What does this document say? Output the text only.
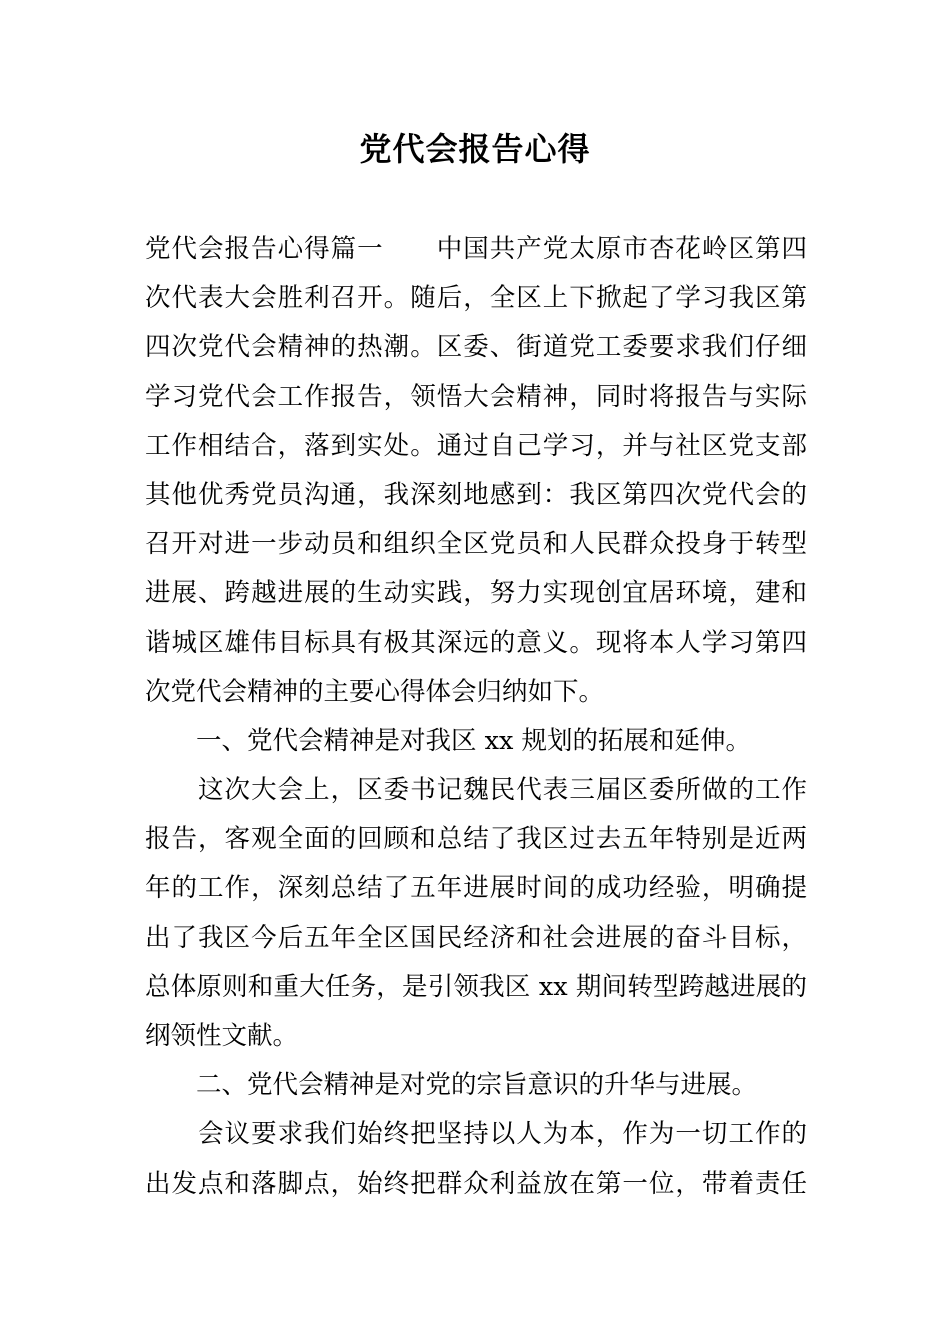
党代会报告心得
党代会报告心得篇一　　中国共产党太原市杏花岭区第四
次代表大会胜利召开。随后，全区上下掀起了学习我区第
四次党代会精神的热潮。区委、街道党工委要求我们仔细
学习党代会工作报告，领悟大会精神，同时将报告与实际
工作相结合，落到实处。通过自己学习，并与社区党支部
其他优秀党员沟通，我深刻地感到：我区第四次党代会的
召开对进一步动员和组织全区党员和人民群众投身于转型
进展、跨越进展的生动实践，努力实现创宜居环境，建和
谐城区雄伟目标具有极其深远的意义。现将本人学习第四
次党代会精神的主要心得体会归纳如下。
　　一、党代会精神是对我区 xx 规划的拓展和延伸。
　　这次大会上，区委书记魏民代表三届区委所做的工作
报告，客观全面的回顾和总结了我区过去五年特别是近两
年的工作，深刻总结了五年进展时间的成功经验，明确提
出了我区今后五年全区国民经济和社会进展的奋斗目标，
总体原则和重大任务，是引领我区 xx 期间转型跨越进展的
纲领性文献。
　　二、党代会精神是对党的宗旨意识的升华与进展。
　　会议要求我们始终把坚持以人为本，作为一切工作的
出发点和落脚点，始终把群众利益放在第一位，带着责任
